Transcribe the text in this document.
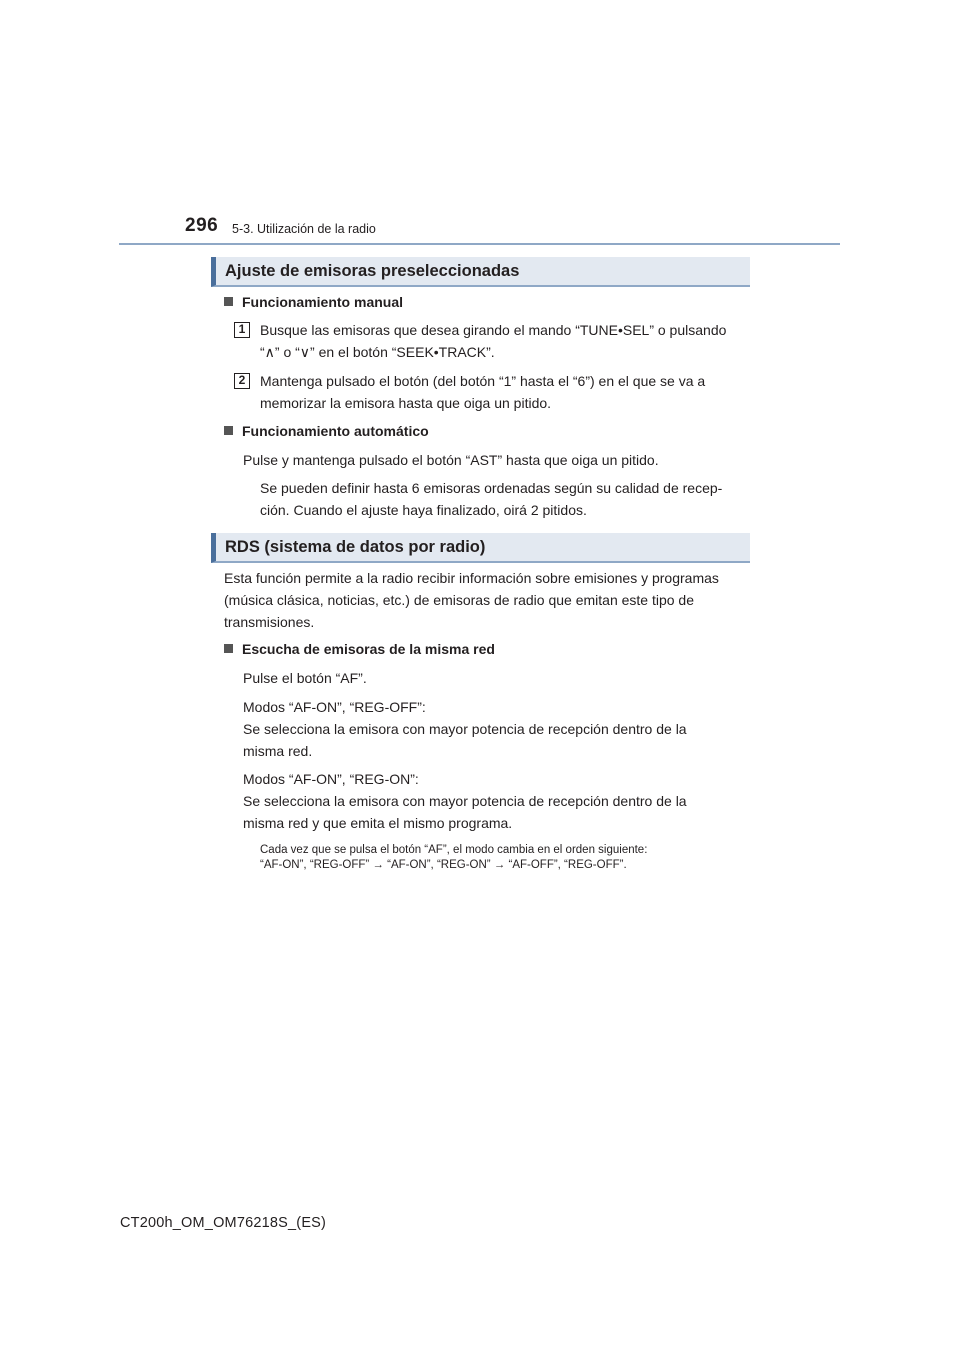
296 5-3. Utilización de la radio
Ajuste de emisoras preseleccionadas
Funcionamiento manual
1	Busque las emisoras que desea girando el mando “TUNE•SEL” o pulsando
“∧” o “∨” en el botón “SEEK•TRACK”.
2	Mantenga pulsado el botón (del botón “1” hasta el “6”) en el que se va a
memorizar la emisora hasta que oiga un pitido.
Funcionamiento automático
Pulse y mantenga pulsado el botón “AST” hasta que oiga un pitido.
Se pueden definir hasta 6 emisoras ordenadas según su calidad de recep-
ción. Cuando el ajuste haya finalizado, oirá 2 pitidos.
RDS (sistema de datos por radio)
Esta función permite a la radio recibir información sobre emisiones y programas
(música clásica, noticias, etc.) de emisoras de radio que emitan este tipo de
transmisiones.
Escucha de emisoras de la misma red
Pulse el botón “AF”.
Modos “AF-ON”, “REG-OFF”:
Se selecciona la emisora con mayor potencia de recepción dentro de la
misma red.
Modos “AF-ON”, “REG-ON”:
Se selecciona la emisora con mayor potencia de recepción dentro de la
misma red y que emita el mismo programa.
Cada vez que se pulsa el botón “AF”, el modo cambia en el orden siguiente:
“AF-ON”, “REG-OFF” → “AF-ON”, “REG-ON” → “AF-OFF”, “REG-OFF”.
CT200h_OM_OM76218S_(ES)
